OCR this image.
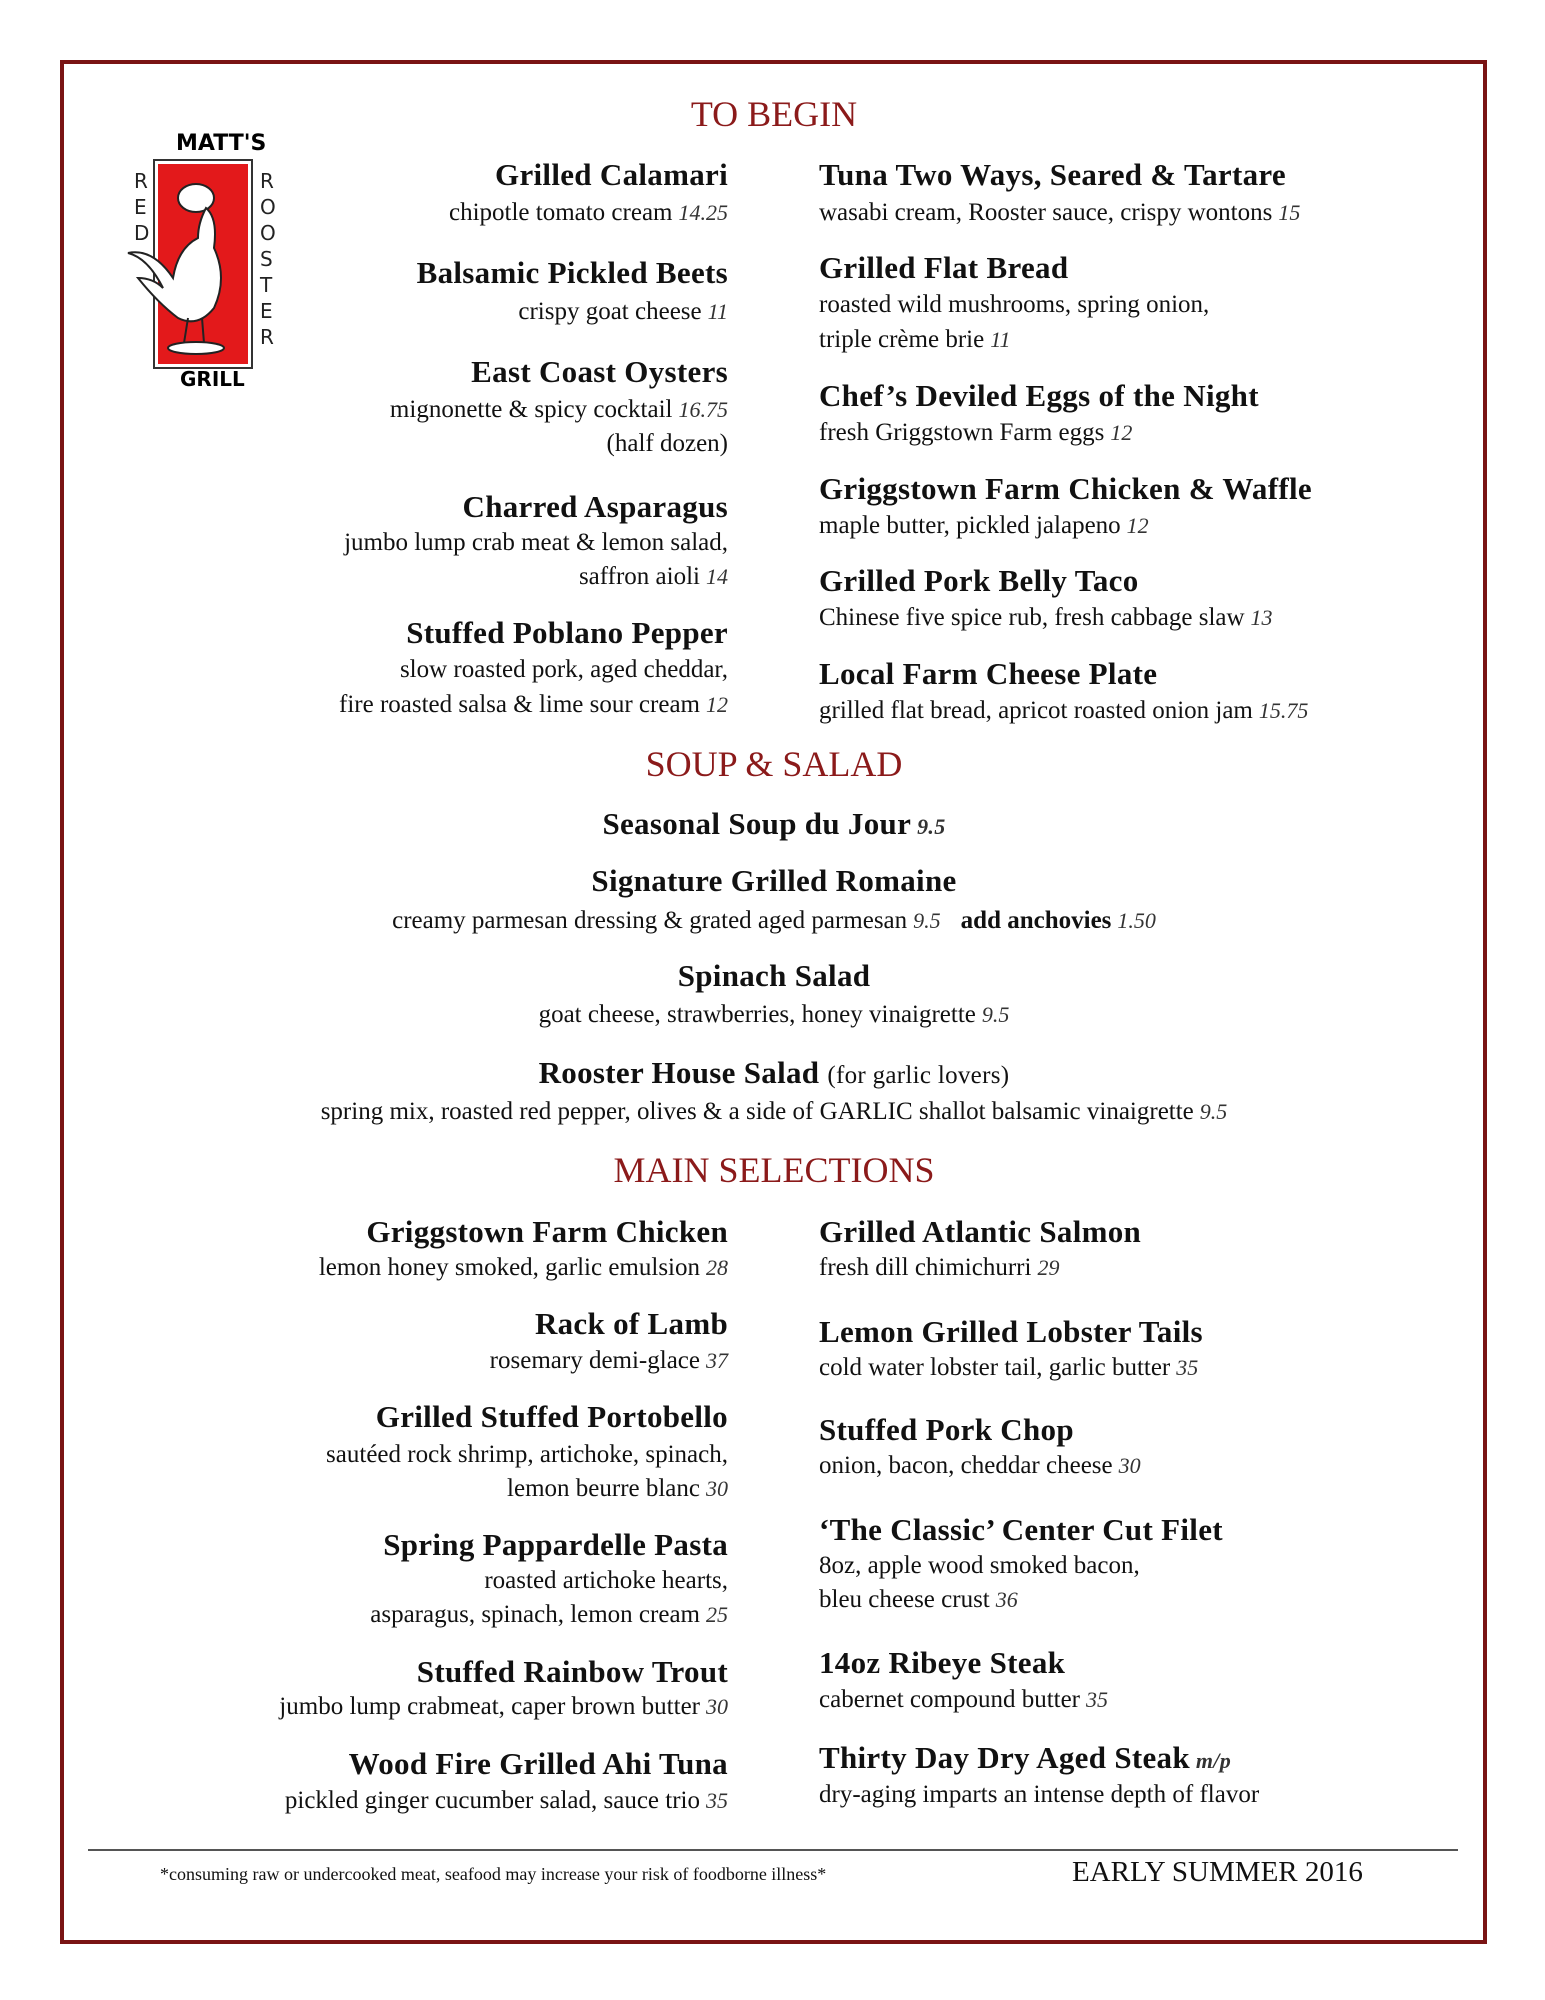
MATT'S
R
E
D
R
O
O
S
T
E
R
GRILL
TO BEGIN
Grilled Calamari
chipotle tomato cream 14.25
Balsamic Pickled Beets
crispy goat cheese 11
East Coast Oysters
mignonette & spicy cocktail 16.75
(half dozen)
Charred Asparagus
jumbo lump crab meat & lemon salad,
saffron aioli 14
Stuffed Poblano Pepper
slow roasted pork, aged cheddar,
fire roasted salsa & lime sour cream 12
Tuna Two Ways, Seared & Tartare
wasabi cream, Rooster sauce, crispy wontons 15
Grilled Flat Bread
roasted wild mushrooms, spring onion,
triple crème brie 11
Chef’s Deviled Eggs of the Night
fresh Griggstown Farm eggs 12
Griggstown Farm Chicken & Waffle
maple butter, pickled jalapeno 12
Grilled Pork Belly Taco
Chinese five spice rub, fresh cabbage slaw 13
Local Farm Cheese Plate
grilled flat bread, apricot roasted onion jam 15.75
SOUP & SALAD
Seasonal Soup du Jour 9.5
Signature Grilled Romaine
creamy parmesan dressing & grated aged parmesan 9.5 add anchovies 1.50
Spinach Salad
goat cheese, strawberries, honey vinaigrette 9.5
Rooster House Salad (for garlic lovers)
spring mix, roasted red pepper, olives & a side of GARLIC shallot balsamic vinaigrette 9.5
MAIN SELECTIONS
Griggstown Farm Chicken
lemon honey smoked, garlic emulsion 28
Rack of Lamb
rosemary demi-glace 37
Grilled Stuffed Portobello
sautéed rock shrimp, artichoke, spinach,
lemon beurre blanc 30
Spring Pappardelle Pasta
roasted artichoke hearts,
asparagus, spinach, lemon cream 25
Stuffed Rainbow Trout
jumbo lump crabmeat, caper brown butter 30
Wood Fire Grilled Ahi Tuna
pickled ginger cucumber salad, sauce trio 35
Grilled Atlantic Salmon
fresh dill chimichurri 29
Lemon Grilled Lobster Tails
cold water lobster tail, garlic butter 35
Stuffed Pork Chop
onion, bacon, cheddar cheese 30
‘The Classic’ Center Cut Filet
8oz, apple wood smoked bacon,
bleu cheese crust 36
14oz Ribeye Steak
cabernet compound butter 35
Thirty Day Dry Aged Steak m/p
dry-aging imparts an intense depth of flavor
*consuming raw or undercooked meat, seafood may increase your risk of foodborne illness*	EARLY SUMMER 2016
